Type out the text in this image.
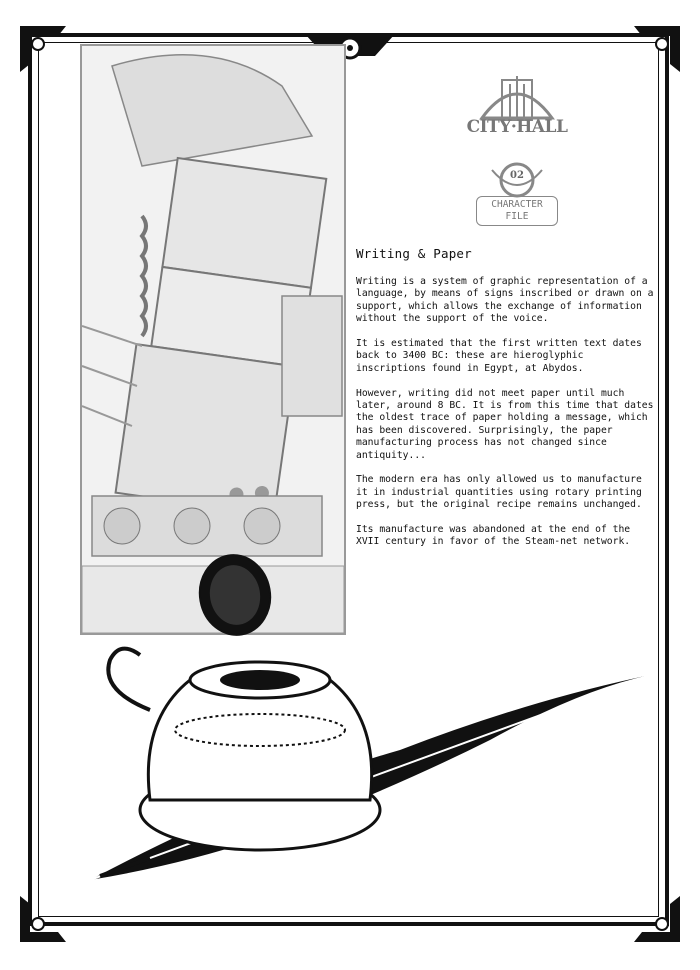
CITY·HALL
02
CHARACTER
FILE
Writing & Paper

Writing is a system of graphic representation of a language, by means of signs inscribed or drawn on a support, which allows the exchange of information without the support of the voice.

It is estimated that the first written text dates back to 3400 BC: these are hieroglyphic inscriptions found in Egypt, at Abydos.

However, writing did not meet paper until much later, around 8 BC. It is from this time that dates the oldest trace of paper holding a message, which has been discovered. Surprisingly, the paper manufacturing process has not changed since antiquity...

The modern era has only allowed us to manufacture it in industrial quantities using rotary printing press, but the original recipe remains unchanged.

Its manufacture was abandoned at the end of the XVII century in favor of the Steam-net network.
